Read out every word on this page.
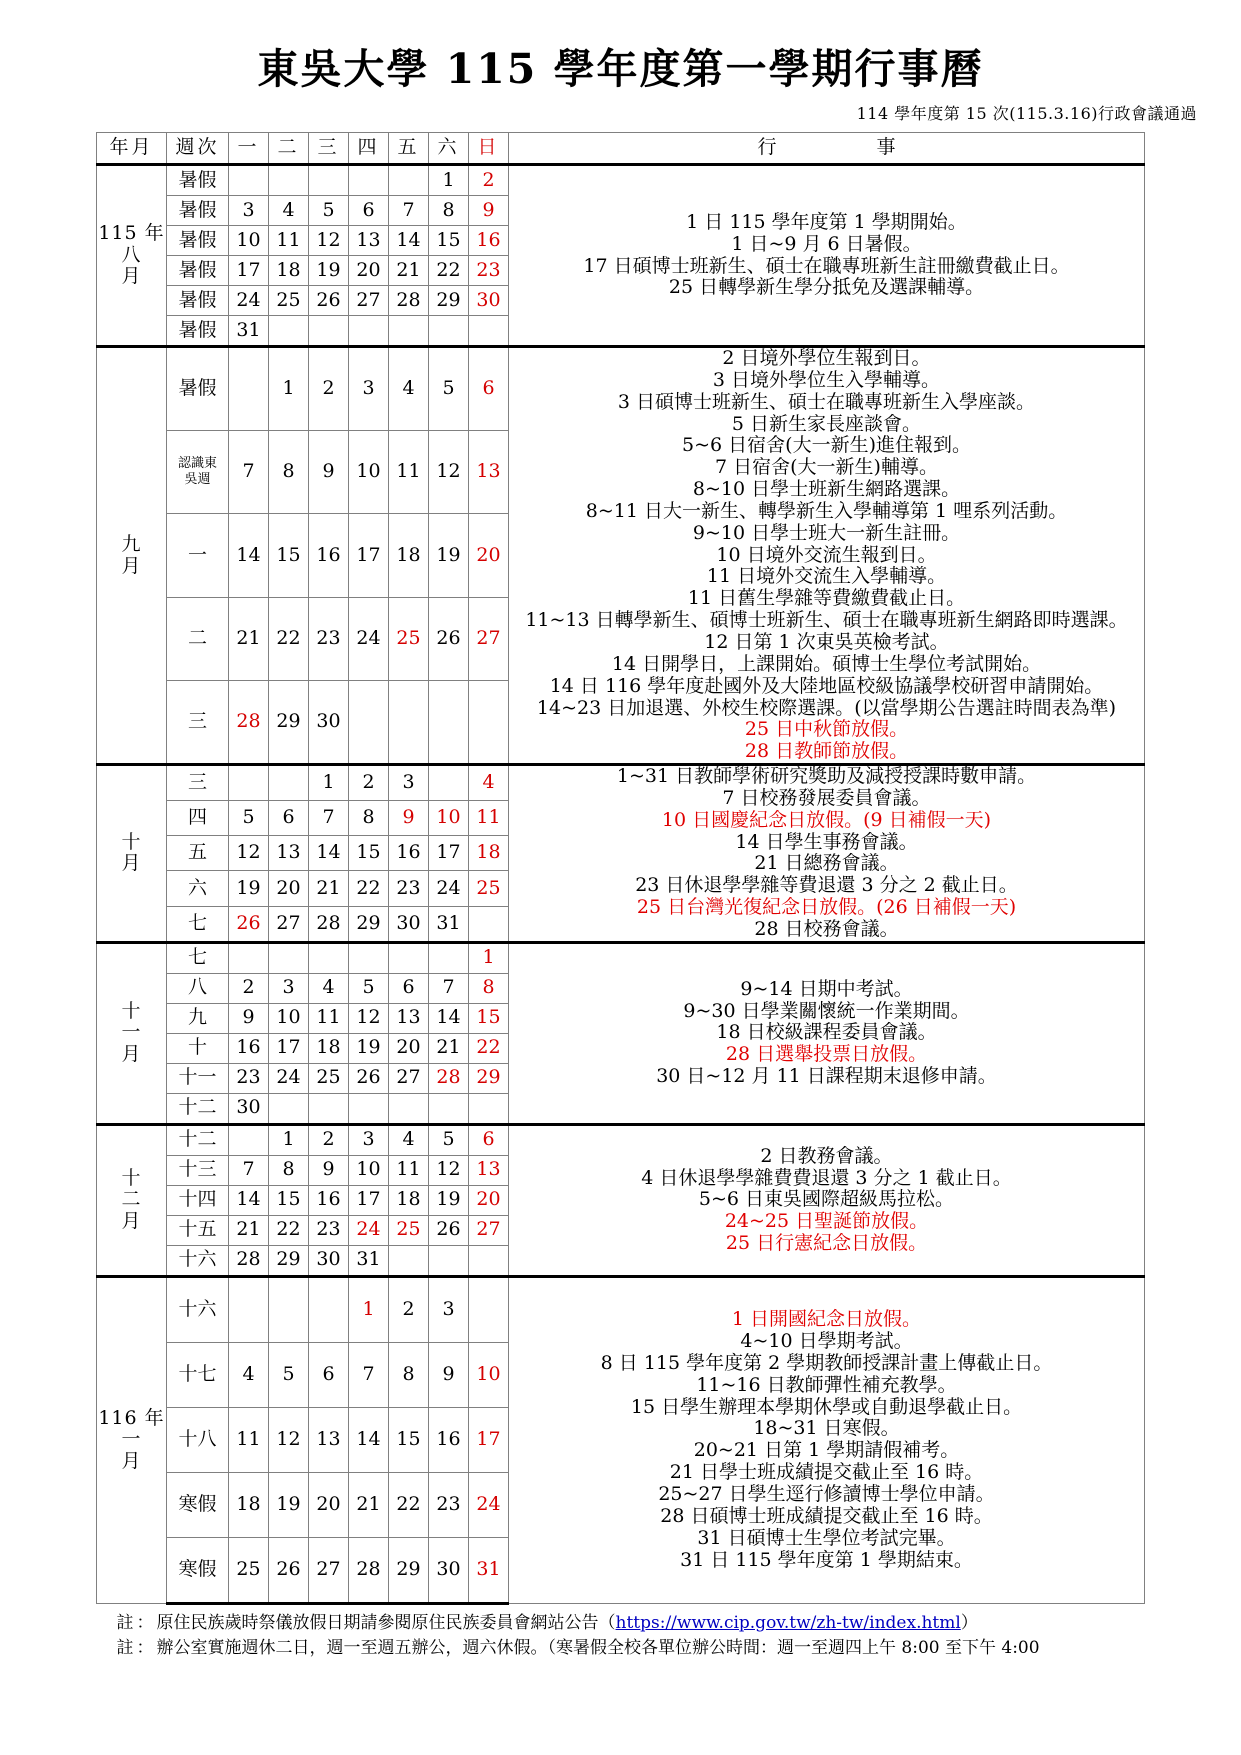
東吳大學 115 學年度第一學期行事曆
114 學年度第 15 次(115.3.16)行政會議通過
年月	週次	一	二	三	四	五	六	日	行 事

115 年
八
月
	暑假						1	2	
1 日 115 學年度第 1 學期開始。
1 日~9 月 6 日暑假。
17 日碩博士班新生、碩士在職專班新生註冊繳費截止日。
25 日轉學新生學分抵免及選課輔導。

	暑假	3	4	5	6	7	8	9	
	暑假	10	11	12	13	14	15	16	
	暑假	17	18	19	20	21	22	23	
	暑假	24	25	26	27	28	29	30	
	暑假	31							

九
月
	暑假		1	2	3	4	5	6	
2 日境外學位生報到日。
3 日境外學位生入學輔導。
3 日碩博士班新生、碩士在職專班新生入學座談。
5 日新生家長座談會。
5~6 日宿舍(大一新生)進住報到。
7 日宿舍(大一新生)輔導。
8~10 日學士班新生網路選課。
8~11 日大一新生、轉學新生入學輔導第 1 哩系列活動。
9~10 日學士班大一新生註冊。
10 日境外交流生報到日。
11 日境外交流生入學輔導。
11 日舊生學雜等費繳費截止日。
11~13 日轉學新生、碩博士班新生、碩士在職專班新生網路即時選課。
12 日第 1 次東吳英檢考試。
14 日開學日，上課開始。碩博士生學位考試開始。
14 日 116 學年度赴國外及大陸地區校級協議學校研習申請開始。
14~23 日加退選、外校生校際選課。(以當學期公告選註時間表為準)
25 日中秋節放假。
28 日教師節放假。

	認識東
吳週	7	8	9	10	11	12	13	
	一	14	15	16	17	18	19	20	
	二	21	22	23	24	25	26	27	
	三	28	29	30					

十
月
	三			1	2	3		4	1~31 日教師學術研究獎助及減授授課時數申請。
7 日校務發展委員會議。
10 日國慶紀念日放假。(9 日補假一天)
14 日學生事務會議。
21 日總務會議。
23 日休退學學雜等費退還 3 分之 2 截止日。
25 日台灣光復紀念日放假。(26 日補假一天)
28 日校務會議。

	四	5	6	7	8	9	10	11	
	五	12	13	14	15	16	17	18	
	六	19	20	21	22	23	24	25	
	七	26	27	28	29	30	31		

十
一
月
	七							1	
9~14 日期中考試。
9~30 日學業關懷統一作業期間。
18 日校級課程委員會議。
28 日選舉投票日放假。
30 日~12 月 11 日課程期末退修申請。

	八	2	3	4	5	6	7	8	
	九	9	10	11	12	13	14	15	
	十	16	17	18	19	20	21	22	
	十一	23	24	25	26	27	28	29	
	十二	30							

十
二
月
	十二		1	2	3	4	5	6	
2 日教務會議。
4 日休退學學雜費費退還 3 分之 1 截止日。
5~6 日東吳國際超級馬拉松。
24~25 日聖誕節放假。
25 日行憲紀念日放假。

	十三	7	8	9	10	11	12	13	
	十四	14	15	16	17	18	19	20	
	十五	21	22	23	24	25	26	27	
	十六	28	29	30	31				

116 年
一
月
	十六				1	2	3		1 日開國紀念日放假。
4~10 日學期考試。
8 日 115 學年度第 2 學期教師授課計畫上傳截止日。
11~16 日教師彈性補充教學。
15 日學生辦理本學期休學或自動退學截止日。
18~31 日寒假。
20~21 日第 1 學期請假補考。
21 日學士班成績提交截止至 16 時。
25~27 日學生逕行修讀博士學位申請。
28 日碩博士班成績提交截止至 16 時。
31 日碩博士生學位考試完畢。
31 日 115 學年度第 1 學期結束。

	十七	4	5	6	7	8	9	10	
	十八	11	12	13	14	15	16	17	
	寒假	18	19	20	21	22	23	24	
	寒假	25	26	27	28	29	30	31	
註：原住民族歲時祭儀放假日期請參閱原住民族委員會網站公告（https://www.cip.gov.tw/zh-tw/index.html）
註：辦公室實施週休二日，週一至週五辦公，週六休假。（寒暑假全校各單位辦公時間：週一至週四上午 8:00 至下午 4:00
